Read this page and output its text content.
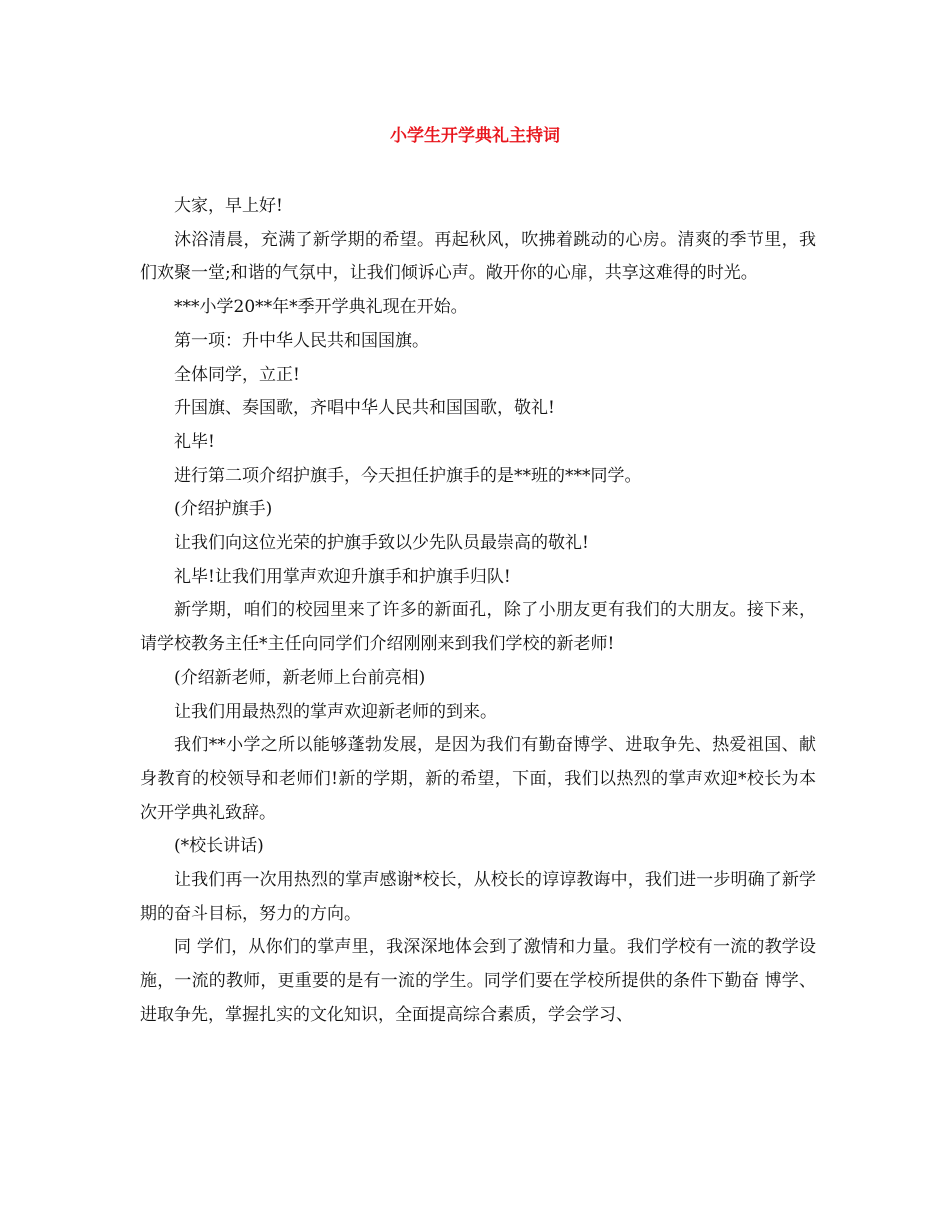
小学生开学典礼主持词

大家，早上好!

沐浴清晨，充满了新学期的希望。再起秋风，吹拂着跳动的心房。清爽的季节里，我们欢聚一堂;和谐的气氛中，让我们倾诉心声。敞开你的心扉，共享这难得的时光。

***小学20**年*季开学典礼现在开始。

第一项：升中华人民共和国国旗。

全体同学，立正!

升国旗、奏国歌，齐唱中华人民共和国国歌，敬礼!

礼毕!

进行第二项介绍护旗手，今天担任护旗手的是**班的***同学。

(介绍护旗手)

让我们向这位光荣的护旗手致以少先队员最崇高的敬礼!

礼毕!让我们用掌声欢迎升旗手和护旗手归队!

新学期，咱们的校园里来了许多的新面孔，除了小朋友更有我们的大朋友。接下来，请学校教务主任*主任向同学们介绍刚刚来到我们学校的新老师!

(介绍新老师，新老师上台前亮相)

让我们用最热烈的掌声欢迎新老师的到来。

我们**小学之所以能够蓬勃发展，是因为我们有勤奋博学、进取争先、热爱祖国、献身教育的校领导和老师们!新的学期，新的希望，下面，我们以热烈的掌声欢迎*校长为本次开学典礼致辞。

(*校长讲话)

让我们再一次用热烈的掌声感谢*校长，从校长的谆谆教诲中，我们进一步明确了新学期的奋斗目标，努力的方向。

同 学们，从你们的掌声里，我深深地体会到了激情和力量。我们学校有一流的教学设施，一流的教师，更重要的是有一流的学生。同学们要在学校所提供的条件下勤奋 博学、进取争先，掌握扎实的文化知识，全面提高综合素质，学会学习、
